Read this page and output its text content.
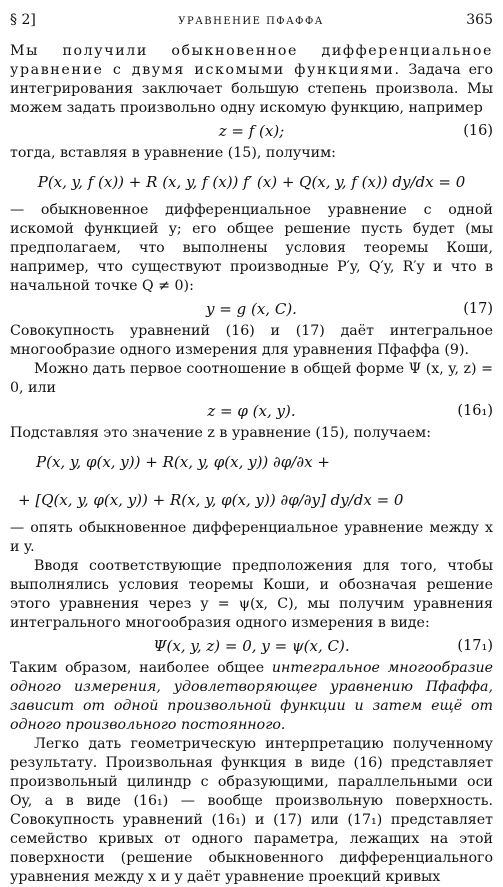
§ 2]	УРАВНЕНИЕ ПФАФФА	365

Мы получили обыкновенное дифференциальное уравнение с двумя искомыми функциями. Задача его интегрирования заключает большую степень произвола. Мы можем задать произвольно одну искомую функцию, например

z = f (x);	(16)

тогда, вставляя в уравнение (15), получим:

P(x, y, f (x)) + R (x, y, f (x)) f′ (x) + Q(x, y, f (x)) dy/dx = 0

— обыкновенное дифференциальное уравнение с одной искомой функцией y; его общее решение пусть будет (мы предполагаем, что выполнены условия теоремы Коши, например, что существуют производные P′y, Q′y, R′y и что в начальной точке Q ≠ 0):

y = g (x, C).	(17)

Совокупность уравнений (16) и (17) даёт интегральное многообразие одного измерения для уравнения Пфаффа (9).

Можно дать первое соотношение в общей форме Ψ (x, y, z) = 0, или

z = φ (x, y).	(16₁)

Подставляя это значение z в уравнение (15), получаем:

P(x, y, φ(x, y)) + R(x, y, φ(x, y)) ∂φ/∂x +
+ [Q(x, y, φ(x, y)) + R(x, y, φ(x, y)) ∂φ/∂y] dy/dx = 0

— опять обыкновенное дифференциальное уравнение между x и y.

Вводя соответствующие предположения для того, чтобы выполнялись условия теоремы Коши, и обозначая решение этого уравнения через y = ψ(x, C), мы получим уравнения интегрального многообразия одного измерения в виде:

Ψ(x, y, z) = 0, y = ψ(x, C).	(17₁)

Таким образом, наиболее общее интегральное многообразие одного измерения, удовлетворяющее уравнению Пфаффа, зависит от одной произвольной функции и затем ещё от одного произвольного постоянного.

Легко дать геометрическую интерпретацию полученному результату. Произвольная функция в виде (16) представляет произвольный цилиндр с образующими, параллельными оси Oy, а в виде (16₁) — вообще произвольную поверхность. Совокупность уравнений (16₁) и (17) или (17₁) представляет семейство кривых от одного параметра, лежащих на этой поверхности (решение обыкновенного дифференциального уравнения между x и y даёт уравнение проекций кривых
